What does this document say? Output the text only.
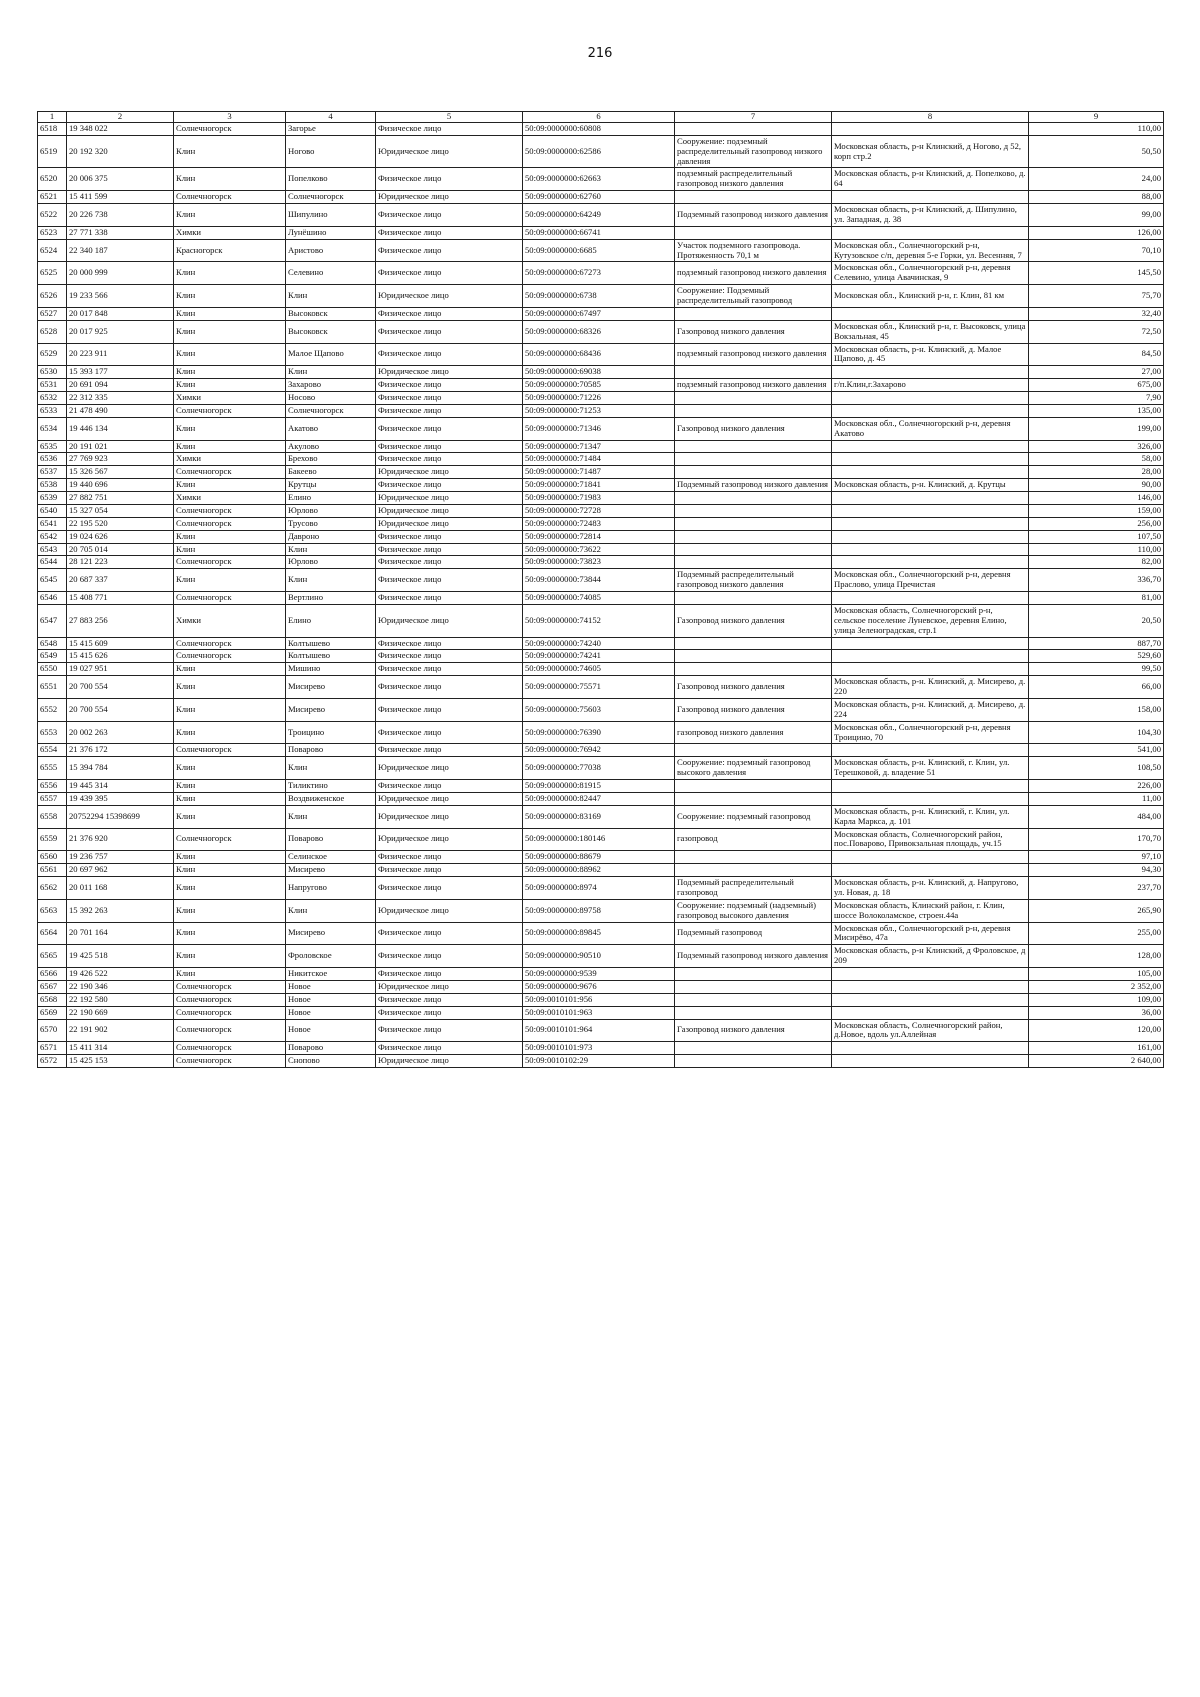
216
1	2	3	4	5	6	7	8	9
6518	19 348 022	Солнечногорск	Загорье	Физическое лицо	50:09:0000000:60808			110,00
6519	20 192 320	Клин	Ногово	Юридическое лицо	50:09:0000000:62586	Сооружение: подземный распределительный газопровод низкого давления	Московская область, р-н Клинский, д Ногово, д 52, корп стр.2	50,50
6520	20 006 375	Клин	Попелково	Физическое лицо	50:09:0000000:62663	подземный распределительный газопровод низкого давления	Московская область, р-н Клинский, д. Попелково, д. 64	24,00
6521	15 411 599	Солнечногорск	Солнечногорск	Юридическое лицо	50:09:0000000:62760			88,00
6522	20 226 738	Клин	Шипулино	Физическое лицо	50:09:0000000:64249	Подземный газопровод низкого давления	Московская область, р-н Клинский, д. Шипулино, ул. Западная, д. 38	99,00
6523	27 771 338	Химки	Лунёшино	Физическое лицо	50:09:0000000:66741			126,00
6524	22 340 187	Красногорск	Аристово	Физическое лицо	50:09:0000000:6685	Участок подземного газопровода. Протяженность 70,1 м	Московская обл., Солнечногорский р-н, Кутузовское с/п, деревня 5-е Горки, ул. Весенняя, 7	70,10
6525	20 000 999	Клин	Селевино	Физическое лицо	50:09:0000000:67273	подземный газопровод низкого давления	Московская обл., Солнечногорский р-н, деревня Селевино, улица Авачинская, 9	145,50
6526	19 233 566	Клин	Клин	Юридическое лицо	50:09:0000000:6738	Сооружение: Подземный распределительный газопровод	Московская обл., Клинский р-н, г. Клин, 81 км	75,70
6527	20 017 848	Клин	Высоковск	Физическое лицо	50:09:0000000:67497			32,40
6528	20 017 925	Клин	Высоковск	Физическое лицо	50:09:0000000:68326	Газопровод низкого давления	Московская обл., Клинский р-н, г. Высоковск, улица Вокзальная, 45	72,50
6529	20 223 911	Клин	Малое Щапово	Физическое лицо	50:09:0000000:68436	подземный газопровод низкого давления	Московская область, р-н. Клинский, д. Малое Щапово, д. 45	84,50
6530	15 393 177	Клин	Клин	Юридическое лицо	50:09:0000000:69038			27,00
6531	20 691 094	Клин	Захарово	Физическое лицо	50:09:0000000:70585	подземный газопровод низкого давления	г/п.Клин,г.Захарово	675,00
6532	22 312 335	Химки	Носово	Физическое лицо	50:09:0000000:71226			7,90
6533	21 478 490	Солнечногорск	Солнечногорск	Физическое лицо	50:09:0000000:71253			135,00
6534	19 446 134	Клин	Акатово	Физическое лицо	50:09:0000000:71346	Газопровод низкого давления	Московская обл., Солнечногорский р-н, деревня Акатово	199,00
6535	20 191 021	Клин	Акулово	Физическое лицо	50:09:0000000:71347			326,00
6536	27 769 923	Химки	Брехово	Физическое лицо	50:09:0000000:71484			58,00
6537	15 326 567	Солнечногорск	Бакеево	Юридическое лицо	50:09:0000000:71487			28,00
6538	19 440 696	Клин	Крутцы	Физическое лицо	50:09:0000000:71841	Подземный газопровод низкого давления	Московская область, р-н. Клинский, д. Крутцы	90,00
6539	27 882 751	Химки	Елино	Юридическое лицо	50:09:0000000:71983			146,00
6540	15 327 054	Солнечногорск	Юрлово	Юридическое лицо	50:09:0000000:72728			159,00
6541	22 195 520	Солнечногорск	Трусово	Юридическое лицо	50:09:0000000:72483			256,00
6542	19 024 626	Клин	Давроно	Физическое лицо	50:09:0000000:72814			107,50
6543	20 705 014	Клин	Клин	Физическое лицо	50:09:0000000:73622			110,00
6544	28 121 223	Солнечногорск	Юрлово	Физическое лицо	50:09:0000000:73823			82,00
6545	20 687 337	Клин	Клин	Физическое лицо	50:09:0000000:73844	Подземный распределительный газопровод низкого давления	Московская обл., Солнечногорский р-н, деревня Праслово, улица Пречистая	336,70
6546	15 408 771	Солнечногорск	Вертлино	Физическое лицо	50:09:0000000:74085			81,00
6547	27 883 256	Химки	Елино	Юридическое лицо	50:09:0000000:74152	Газопровод низкого давления	Московская область, Солнечногорский р-н, сельское поселение Луневское, деревня Елино, улица Зеленоградская, стр.1	20,50
6548	15 415 609	Солнечногорск	Колтышево	Физическое лицо	50:09:0000000:74240			887,70
6549	15 415 626	Солнечногорск	Колтышево	Физическое лицо	50:09:0000000:74241			529,60
6550	19 027 951	Клин	Мишино	Физическое лицо	50:09:0000000:74605			99,50
6551	20 700 554	Клин	Мисирево	Физическое лицо	50:09:0000000:75571	Газопровод низкого давления	Московская область, р-н. Клинский, д. Мисирево, д. 220	66,00
6552	20 700 554	Клин	Мисирево	Физическое лицо	50:09:0000000:75603	Газопровод низкого давления	Московская область, р-н. Клинский, д. Мисирево, д. 224	158,00
6553	20 002 263	Клин	Троицино	Физическое лицо	50:09:0000000:76390	газопровод низкого давления	Московская обл., Солнечногорский р-н, деревня Троицино, 70	104,30
6554	21 376 172	Солнечногорск	Поварово	Физическое лицо	50:09:0000000:76942			541,00
6555	15 394 784	Клин	Клин	Юридическое лицо	50:09:0000000:77038	Сооружение: подземный газопровод высокого давления	Московская область, р-н. Клинский, г. Клин, ул. Терешковой, д. владение 51	108,50
6556	19 445 314	Клин	Тиликтино	Физическое лицо	50:09:0000000:81915			226,00
6557	19 439 395	Клин	Воздвиженское	Юридическое лицо	50:09:0000000:82447			11,00
6558	20752294 15398699	Клин	Клин	Юридическое лицо	50:09:0000000:83169	Сооружение: подземный газопровод	Московская область, р-н. Клинский, г. Клин, ул. Карла Маркса, д. 101	484,00
6559	21 376 920	Солнечногорск	Поварово	Юридическое лицо	50:09:0000000:180146	газопровод	Московская область, Солнечногорский район, пос.Поварово, Привокзальная площадь, уч.15	170,70
6560	19 236 757	Клин	Селинское	Физическое лицо	50:09:0000000:88679			97,10
6561	20 697 962	Клин	Мисирево	Физическое лицо	50:09:0000000:88962			94,30
6562	20 011 168	Клин	Напругово	Физическое лицо	50:09:0000000:8974	Подземный распределительный газопровод	Московская область, р-н. Клинский, д. Напругово, ул. Новая, д. 18	237,70
6563	15 392 263	Клин	Клин	Юридическое лицо	50:09:0000000:89758	Сооружение: подземный (надземный) газопровод высокого давления	Московская область, Клинский район, г. Клин, шоссе Волоколамское, строен.44а	265,90
6564	20 701 164	Клин	Мисирево	Физическое лицо	50:09:0000000:89845	Подземный газопровод	Московская обл., Солнечногорский р-н, деревня Мисирёво, 47а	255,00
6565	19 425 518	Клин	Фроловское	Физическое лицо	50:09:0000000:90510	Подземный газопровод низкого давления	Московская область, р-н Клинский, д Фроловское, д 209	128,00
6566	19 426 522	Клин	Никитское	Физическое лицо	50:09:0000000:9539			105,00
6567	22 190 346	Солнечногорск	Новое	Юридическое лицо	50:09:0000000:9676			2 352,00
6568	22 192 580	Солнечногорск	Новое	Физическое лицо	50:09:0010101:956			109,00
6569	22 190 669	Солнечногорск	Новое	Физическое лицо	50:09:0010101:963			36,00
6570	22 191 902	Солнечногорск	Новое	Физическое лицо	50:09:0010101:964	Газопровод низкого давления	Московская область, Солнечногорский район, д.Новое, вдоль ул.Аллейная	120,00
6571	15 411 314	Солнечногорск	Поварово	Физическое лицо	50:09:0010101:973			161,00
6572	15 425 153	Солнечногорск	Снопово	Юридическое лицо	50:09:0010102:29			2 640,00
